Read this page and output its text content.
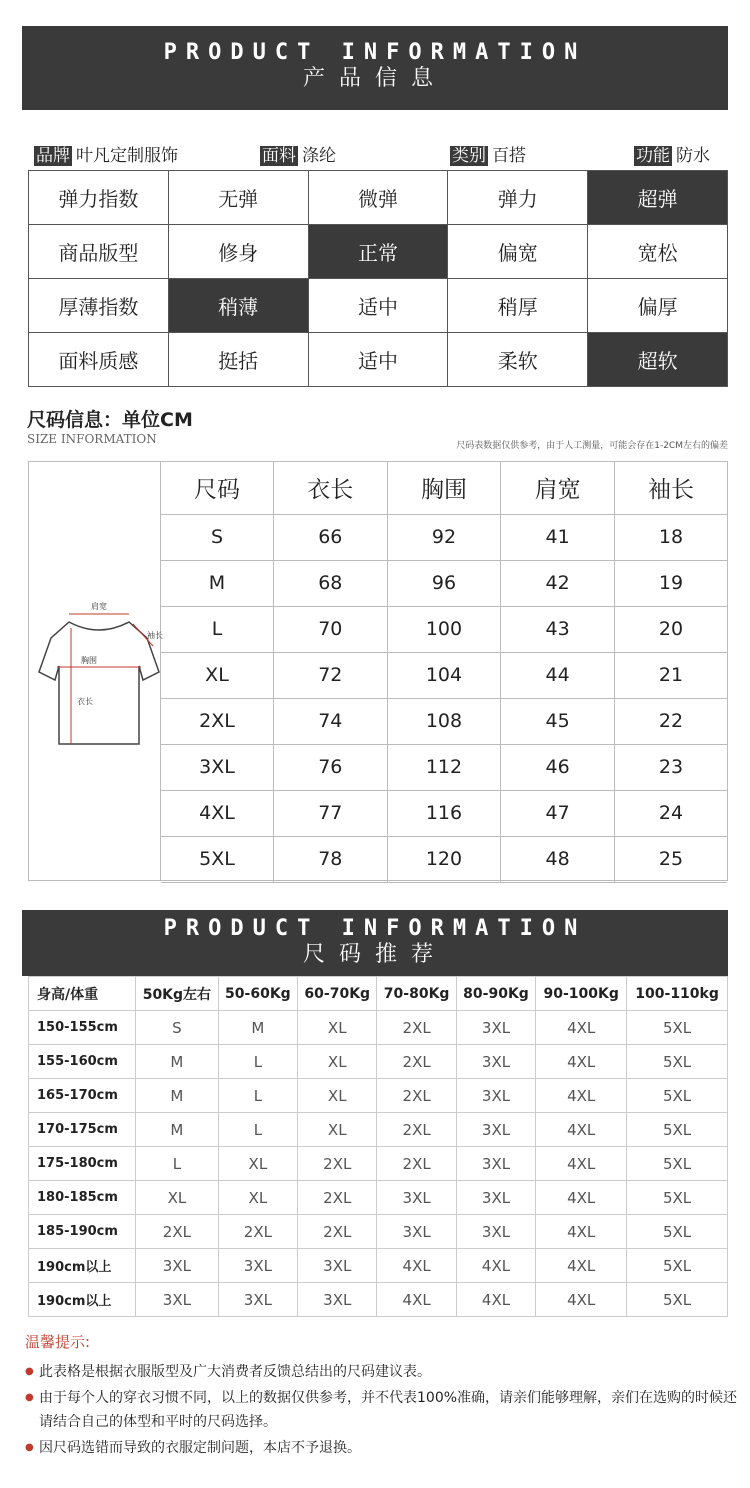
PRODUCT INFORMATION
产品信息
品牌 叶凡定制服饰	面料 涤纶	类别 百搭	功能 防水
弹力指数	无弹	微弹	弹力	超弹
商品版型	修身	正常	偏宽	宽松
厚薄指数	稍薄	适中	稍厚	偏厚
面料质感	挺括	适中	柔软	超软
尺码信息：单位CM
SIZE INFORMATION	尺码表数据仅供参考，由于人工测量，可能会存在1-2CM左右的偏差
肩宽
袖长
胸围
衣长
尺码	衣长	胸围	肩宽	袖长
S	66	92	41	18
M	68	96	42	19
L	70	100	43	20
XL	72	104	44	21
2XL	74	108	45	22
3XL	76	112	46	23
4XL	77	116	47	24
5XL	78	120	48	25
PRODUCT INFORMATION
尺码推荐
身高/体重	50Kg左右	50-60Kg	60-70Kg	70-80Kg	80-90Kg	90-100Kg	100-110kg
150-155cm	S	M	XL	2XL	3XL	4XL	5XL
155-160cm	M	L	XL	2XL	3XL	4XL	5XL
165-170cm	M	L	XL	2XL	3XL	4XL	5XL
170-175cm	M	L	XL	2XL	3XL	4XL	5XL
175-180cm	L	XL	2XL	2XL	3XL	4XL	5XL
180-185cm	XL	XL	2XL	3XL	3XL	4XL	5XL
185-190cm	2XL	2XL	2XL	3XL	3XL	4XL	5XL
190cm以上	3XL	3XL	3XL	4XL	4XL	4XL	5XL
190cm以上	3XL	3XL	3XL	4XL	4XL	4XL	5XL
温馨提示:
● 此表格是根据衣服版型及广大消费者反馈总结出的尺码建议表。
● 由于每个人的穿衣习惯不同，以上的数据仅供参考，并不代表100%准确，请亲们能够理解，亲们在选购的时候还请结合自己的体型和平时的尺码选择。
● 因尺码选错而导致的衣服定制问题，本店不予退换。
